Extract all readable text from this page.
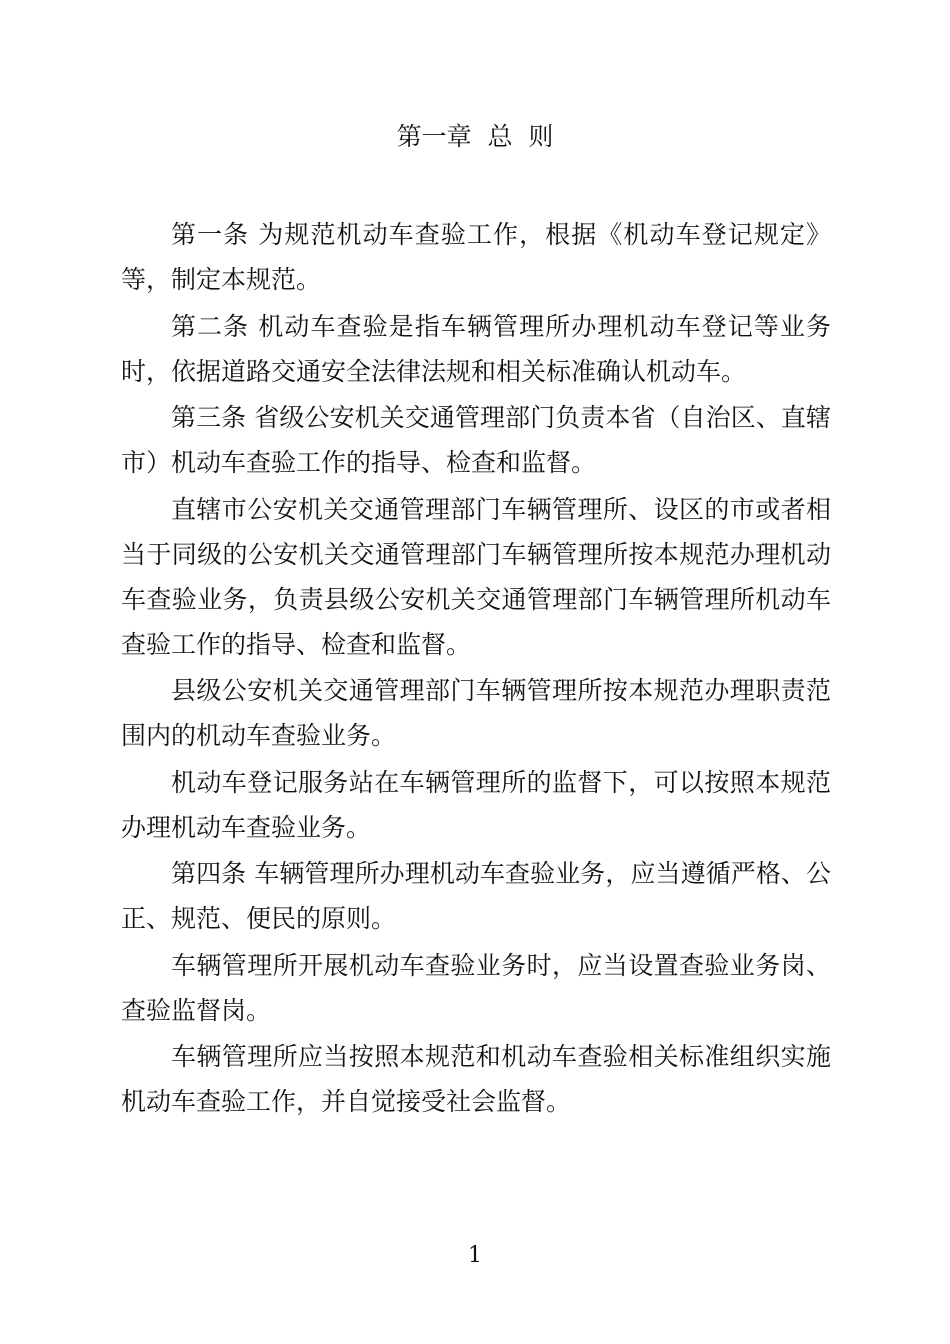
第一章  总  则

第一条 为规范机动车查验工作，根据《机动车登记规定》等，制定本规范。

第二条 机动车查验是指车辆管理所办理机动车登记等业务时，依据道路交通安全法律法规和相关标准确认机动车。

第三条 省级公安机关交通管理部门负责本省（自治区、直辖市）机动车查验工作的指导、检查和监督。

直辖市公安机关交通管理部门车辆管理所、设区的市或者相当于同级的公安机关交通管理部门车辆管理所按本规范办理机动车查验业务，负责县级公安机关交通管理部门车辆管理所机动车查验工作的指导、检查和监督。

县级公安机关交通管理部门车辆管理所按本规范办理职责范围内的机动车查验业务。

机动车登记服务站在车辆管理所的监督下，可以按照本规范办理机动车查验业务。

第四条 车辆管理所办理机动车查验业务，应当遵循严格、公正、规范、便民的原则。

车辆管理所开展机动车查验业务时，应当设置查验业务岗、查验监督岗。

车辆管理所应当按照本规范和机动车查验相关标准组织实施机动车查验工作，并自觉接受社会监督。

1
